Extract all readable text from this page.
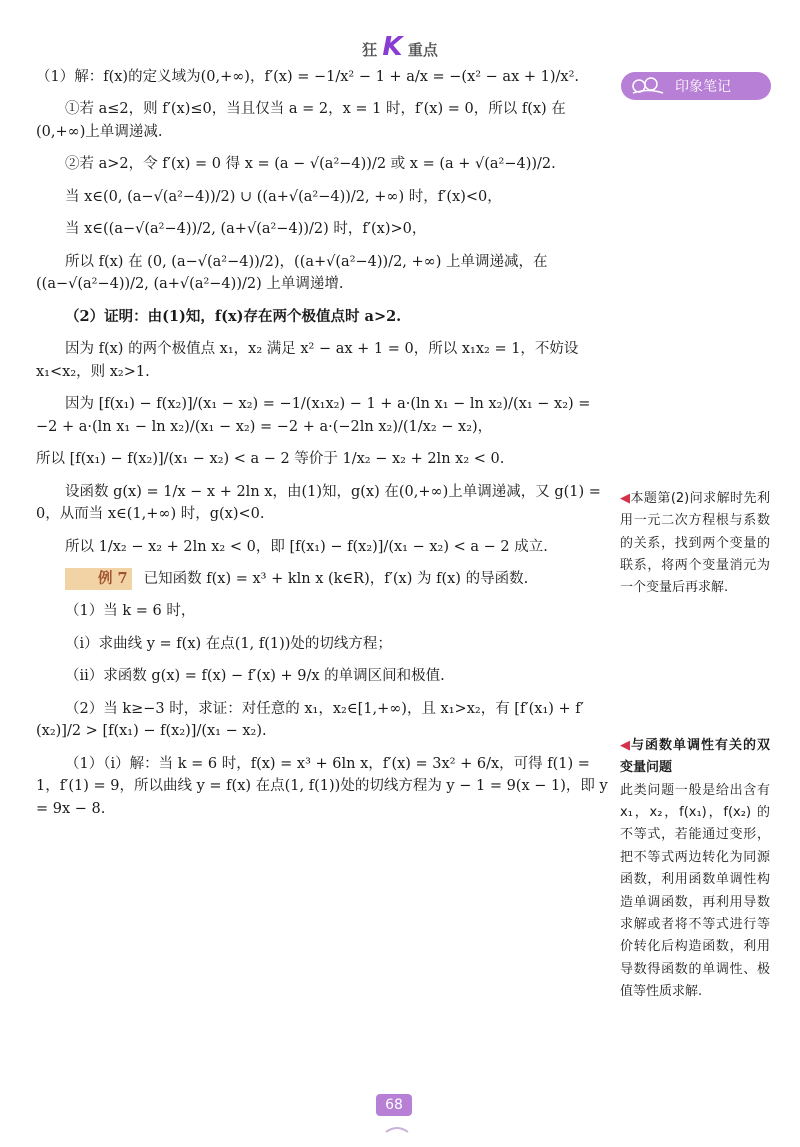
狂 K 重点
印象笔记

（1）解：f(x)的定义域为(0,+∞)，f′(x) = −1/x² − 1 + a/x = −(x² − ax + 1)/x².

①若 a≤2，则 f′(x)≤0，当且仅当 a = 2，x = 1 时，f′(x) = 0，所以 f(x) 在(0,+∞)上单调递减.

②若 a>2，令 f′(x) = 0 得 x = (a − √(a²−4))/2 或 x = (a + √(a²−4))/2.

当 x∈(0, (a−√(a²−4))/2) ∪ ((a+√(a²−4))/2, +∞) 时，f′(x)<0，

当 x∈((a−√(a²−4))/2, (a+√(a²−4))/2) 时，f′(x)>0，

所以 f(x) 在 (0, (a−√(a²−4))/2)，((a+√(a²−4))/2, +∞) 上单调递减，在 ((a−√(a²−4))/2, (a+√(a²−4))/2) 上单调递增.

（2）证明：由(1)知，f(x)存在两个极值点时 a>2.

因为 f(x) 的两个极值点 x₁，x₂ 满足 x² − ax + 1 = 0，所以 x₁x₂ = 1，不妨设 x₁<x₂，则 x₂>1.

因为 [f(x₁) − f(x₂)]/(x₁ − x₂) = −1/(x₁x₂) − 1 + a·(ln x₁ − ln x₂)/(x₁ − x₂) = −2 + a·(ln x₁ − ln x₂)/(x₁ − x₂) = −2 + a·(−2ln x₂)/(1/x₂ − x₂)，

所以 [f(x₁) − f(x₂)]/(x₁ − x₂) < a − 2 等价于 1/x₂ − x₂ + 2ln x₂ < 0.

设函数 g(x) = 1/x − x + 2ln x，由(1)知，g(x) 在(0,+∞)上单调递减，又 g(1) = 0，从而当 x∈(1,+∞) 时，g(x)<0.

所以 1/x₂ − x₂ + 2ln x₂ < 0，即 [f(x₁) − f(x₂)]/(x₁ − x₂) < a − 2 成立.

例 7 已知函数 f(x) = x³ + kln x (k∈R)，f′(x) 为 f(x) 的导函数.

（1）当 k = 6 时，

（i）求曲线 y = f(x) 在点(1, f(1))处的切线方程；

（ii）求函数 g(x) = f(x) − f′(x) + 9/x 的单调区间和极值.

（2）当 k≥−3 时，求证：对任意的 x₁，x₂∈[1,+∞)，且 x₁>x₂，有 [f′(x₁) + f′(x₂)]/2 > [f(x₁) − f(x₂)]/(x₁ − x₂).

（1）（i）解：当 k = 6 时，f(x) = x³ + 6ln x，f′(x) = 3x² + 6/x，可得 f(1) = 1，f′(1) = 9，所以曲线 y = f(x) 在点(1, f(1))处的切线方程为 y − 1 = 9(x − 1)，即 y = 9x − 8.

◀本题第(2)问求解时先利用一元二次方程根与系数的关系，找到两个变量的联系，将两个变量消元为一个变量后再求解.
◀与函数单调性有关的双变量问题
此类问题一般是给出含有 x₁，x₂，f(x₁)，f(x₂) 的不等式，若能通过变形，把不等式两边转化为同源函数，利用函数单调性构造单调函数，再利用导数求解或者将不等式进行等价转化后构造函数，利用导数得函数的单调性、极值等性质求解.
68
